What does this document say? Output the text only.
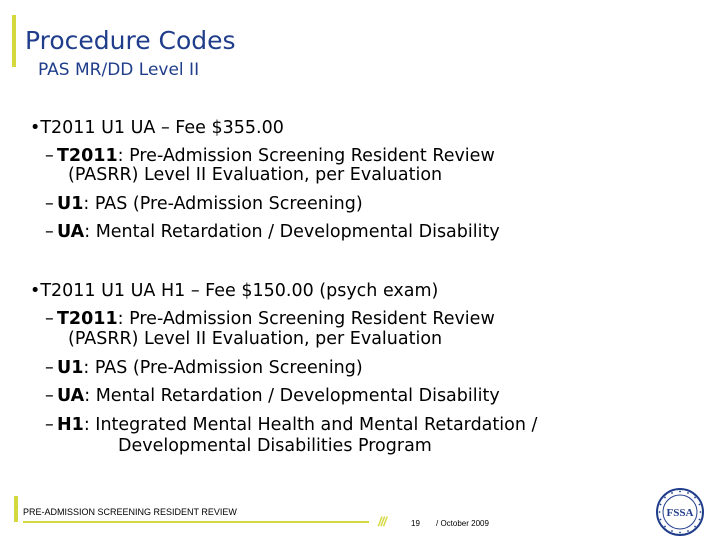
Procedure Codes
PAS MR/DD Level II
•T2011 U1 UA – Fee $355.00
– T2011: Pre-Admission Screening Resident Review
(PASRR) Level II Evaluation, per Evaluation
– U1: PAS (Pre-Admission Screening)
– UA: Mental Retardation / Developmental Disability
•T2011 U1 UA H1 – Fee $150.00 (psych exam)
– T2011: Pre-Admission Screening Resident Review
(PASRR) Level II Evaluation, per Evaluation
– U1: PAS (Pre-Admission Screening)
– UA: Mental Retardation / Developmental Disability
– H1: Integrated Mental Health and Mental Retardation /
Developmental Disabilities Program
PRE-ADMISSION SCREENING RESIDENT REVIEW
///	19 / October 2009
FSSA
